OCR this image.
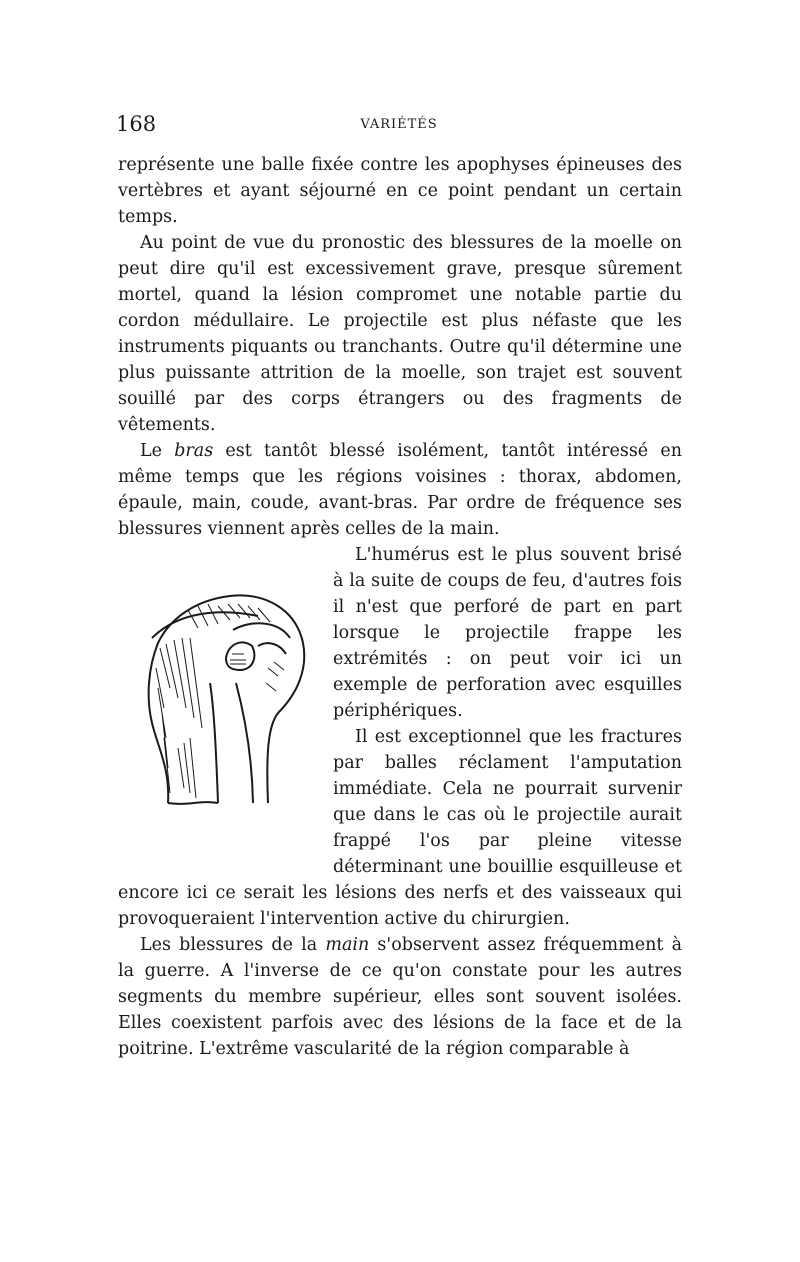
168	VARIÉTÉS

représente une balle fixée contre les apophyses épineuses des vertèbres et ayant séjourné en ce point pendant un certain temps.

Au point de vue du pronostic des blessures de la moelle on peut dire qu'il est excessivement grave, presque sûrement mortel, quand la lésion compromet une notable partie du cordon médullaire. Le projectile est plus néfaste que les instruments piquants ou tranchants. Outre qu'il détermine une plus puissante attrition de la moelle, son trajet est souvent souillé par des corps étrangers ou des fragments de vêtements.

Le bras est tantôt blessé isolément, tantôt intéressé en même temps que les régions voisines : thorax, abdomen, épaule, main, coude, avant-bras. Par ordre de fréquence ses blessures viennent après celles de la main.

L'humérus est le plus souvent brisé à la suite de coups de feu, d'autres fois il n'est que perforé de part en part lorsque le projectile frappe les extrémités : on peut voir ici un exemple de perforation avec esquilles périphériques.

Il est exceptionnel que les fractures par balles réclament l'amputation immédiate. Cela ne pourrait survenir que dans le cas où le projectile aurait frappé l'os par pleine vitesse déterminant une bouillie esquilleuse et encore ici ce serait les lésions des nerfs et des vaisseaux qui provoqueraient l'intervention active du chirurgien.

Les blessures de la main s'observent assez fréquemment à la guerre. A l'inverse de ce qu'on constate pour les autres segments du membre supérieur, elles sont souvent isolées. Elles coexistent parfois avec des lésions de la face et de la poitrine. L'extrême vascularité de la région comparable à
